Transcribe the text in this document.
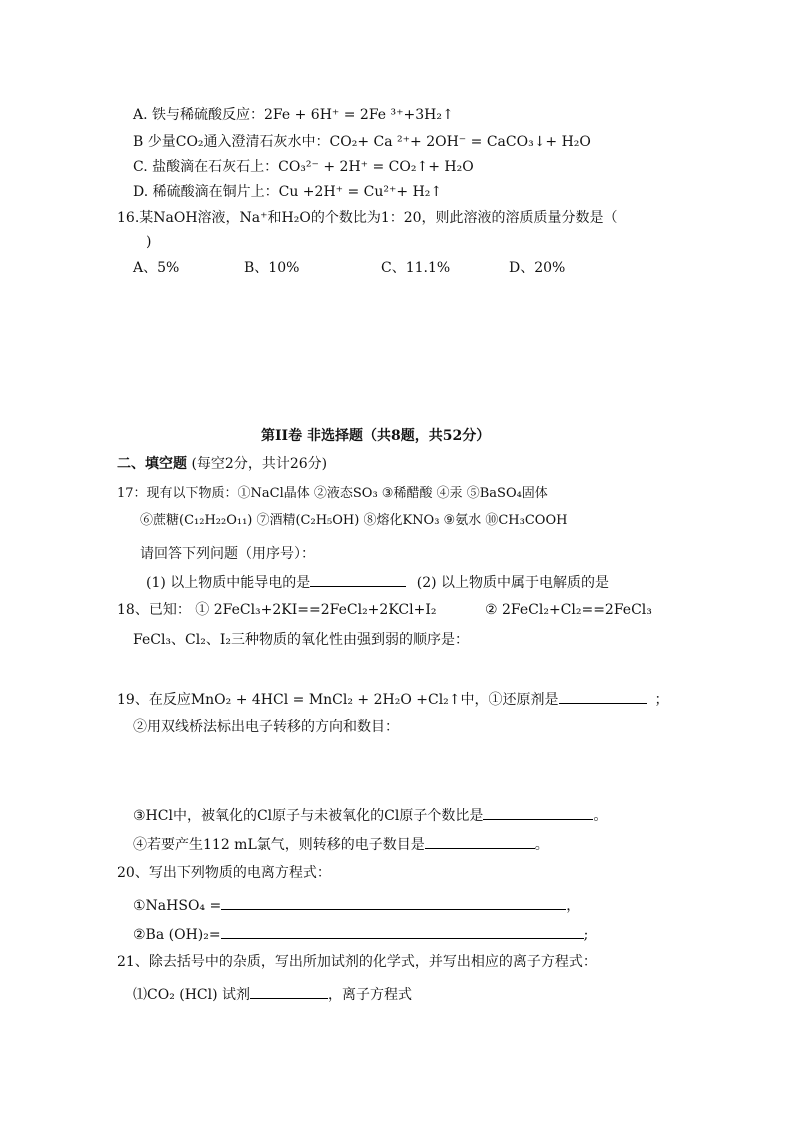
A. 铁与稀硫酸反应：2Fe + 6H⁺ = 2Fe ³⁺+3H₂↑
B 少量CO₂通入澄清石灰水中：CO₂+ Ca ²⁺+ 2OH⁻ = CaCO₃↓+ H₂O
C. 盐酸滴在石灰石上：CO₃²⁻ + 2H⁺ = CO₂↑+ H₂O
D. 稀硫酸滴在铜片上：Cu +2H⁺ = Cu²⁺+ H₂↑
16.某NaOH溶液，Na⁺和H₂O的个数比为1：20，则此溶液的溶质质量分数是（
)
A、5%	B、10%	C、11.1%	D、20%
第II卷 非选择题（共8题，共52分）
二、填空题 (每空2分，共计26分)
17：现有以下物质：①NaCl晶体 ②液态SO₃ ③稀醋酸 ④汞 ⑤BaSO₄固体
⑥蔗糖(C₁₂H₂₂O₁₁) ⑦酒精(C₂H₅OH) ⑧熔化KNO₃ ⑨氨水 ⑩CH₃COOH
请回答下列问题（用序号）：
(1) 以上物质中能导电的是	(2) 以上物质中属于电解质的是
18、已知： ① 2FeCl₃+2KI==2FeCl₂+2KCl+I₂	② 2FeCl₂+Cl₂==2FeCl₃
FeCl₃、Cl₂、I₂三种物质的氧化性由强到弱的顺序是：
19、在反应MnO₂ + 4HCl = MnCl₂ + 2H₂O +Cl₂↑中，①还原剂是	；
②用双线桥法标出电子转移的方向和数目：
③HCl中，被氧化的Cl原子与未被氧化的Cl原子个数比是	。
④若要产生112 mL氯气，则转移的电子数目是	。
20、写出下列物质的电离方程式：
①NaHSO₄ =	，
②Ba (OH)₂=	;
21、除去括号中的杂质，写出所加试剂的化学式，并写出相应的离子方程式：
⑴CO₂ (HCl) 试剂	，离子方程式
